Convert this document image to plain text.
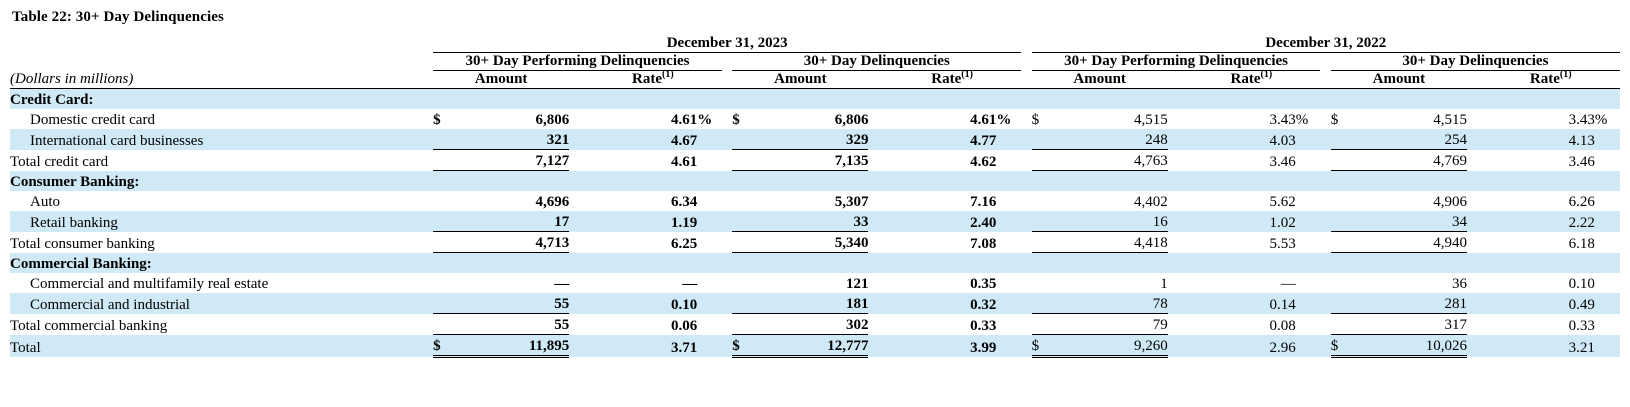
Table 22: 30+ Day Delinquencies
	December 31, 2023												December 31, 2022										
	30+ Day Performing Delinquencies						30+ Day Delinquencies						30+ Day Performing Delinquencies						30+ Day Delinquencies				
(Dollars in millions)	Amount			Rate$^{(1)}$			Amount			Rate$^{(1)}$			Amount			Rate$^{(1)}$			Amount			Rate$^{(1)}$
Credit Card:																							
Domestic credit card	$	6,806		4.61	%		$	6,806		4.61	%		$	4,515		3.43	%		$	4,515		3.43	%
International card businesses		321		4.67				329		4.77				248		4.03				254		4.13	
Total credit card		7,127		4.61				7,135		4.62				4,763		3.46				4,769		3.46	
Consumer Banking:																							
Auto		4,696		6.34				5,307		7.16				4,402		5.62				4,906		6.26	
Retail banking		17		1.19				33		2.40				16		1.02				34		2.22	
Total consumer banking		4,713		6.25				5,340		7.08				4,418		5.53				4,940		6.18	
Commercial Banking:																							
Commercial and multifamily real estate		—		—				121		0.35				1		—				36		0.10	
Commercial and industrial		55		0.10				181		0.32				78		0.14				281		0.49	
Total commercial banking		55		0.06				302		0.33				79		0.08				317		0.33	
Total	$	11,895		3.71			$	12,777		3.99			$	9,260		2.96			$	10,026		3.21	
